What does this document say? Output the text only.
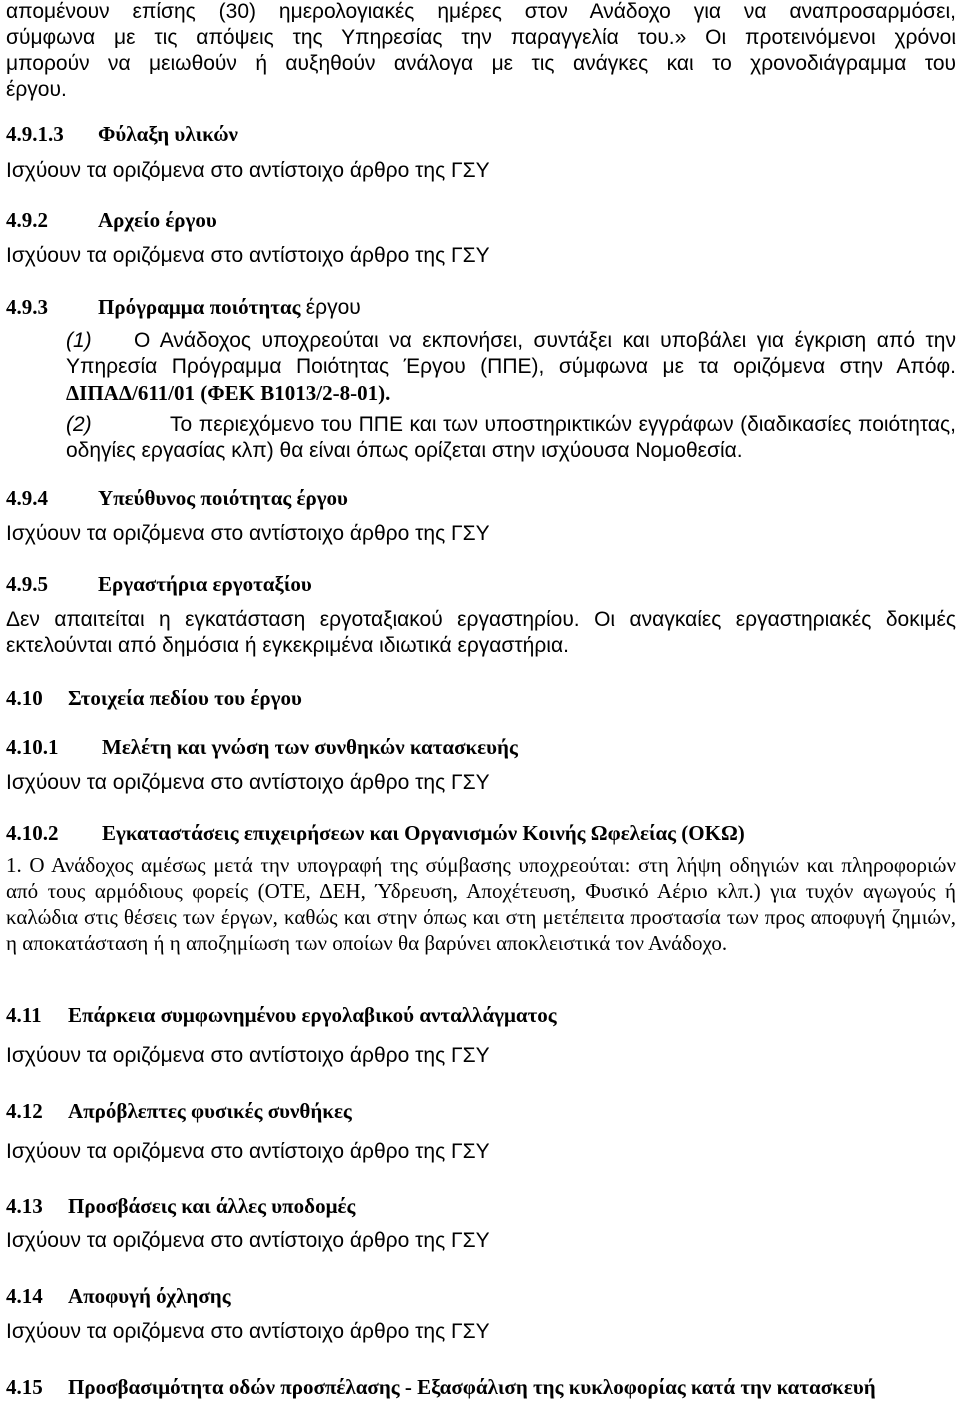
απομένουν επίσης (30) ημερολογιακές ημέρες στον Ανάδοχο για να αναπροσαρμόσει,
σύμφωνα με τις απόψεις της Υπηρεσίας την παραγγελία του.» Οι προτεινόμενοι χρόνοι
μπορούν να μειωθούν ή αυξηθούν ανάλογα με τις ανάγκες και το χρονοδιάγραμμα του
έργου.
4.9.1.3 Φύλαξη υλικών
Ισχύουν τα οριζόμενα στο αντίστοιχο άρθρο της ΓΣΥ
4.9.2 Αρχείο έργου
Ισχύουν τα οριζόμενα στο αντίστοιχο άρθρο της ΓΣΥ
4.9.3 Πρόγραμμα ποιότητας έργου
(1) Ο Ανάδοχος υποχρεούται να εκπονήσει, συντάξει και υποβάλει για έγκριση από την Υπηρεσία Πρόγραμμα Ποιότητας Έργου (ΠΠΕ), σύμφωνα με τα οριζόμενα στην Απόφ. ΔΙΠΑΔ/611/01 (ΦΕΚ Β1013/2-8-01).
(2)	Το περιεχόμενο του ΠΠΕ και των υποστηρικτικών εγγράφων (διαδικασίες ποιότητας, οδηγίες εργασίας κλπ) θα είναι όπως ορίζεται στην ισχύουσα Νομοθεσία.
4.9.4 Υπεύθυνος ποιότητας έργου
Ισχύουν τα οριζόμενα στο αντίστοιχο άρθρο της ΓΣΥ
4.9.5 Εργαστήρια εργοταξίου
Δεν απαιτείται η εγκατάσταση εργοταξιακού εργαστηρίου. Οι αναγκαίες εργαστηριακές δοκιμές εκτελούνται από δημόσια ή εγκεκριμένα ιδιωτικά εργαστήρια.
4.10 Στοιχεία πεδίου του έργου
4.10.1 Μελέτη και γνώση των συνθηκών κατασκευής
Ισχύουν τα οριζόμενα στο αντίστοιχο άρθρο της ΓΣΥ
4.10.2 Εγκαταστάσεις επιχειρήσεων και Οργανισμών Κοινής Ωφελείας (ΟΚΩ)
1. Ο Ανάδοχος αμέσως μετά την υπογραφή της σύμβασης υποχρεούται: στη λήψη οδηγιών και πληροφοριών από τους αρμόδιους φορείς (ΟΤΕ, ΔΕΗ, Ύδρευση, Αποχέτευση, Φυσικό Αέριο κλπ.) για τυχόν αγωγούς ή καλώδια στις θέσεις των έργων, καθώς και στην όπως και στη μετέπειτα προστασία των προς αποφυγή ζημιών, η αποκατάσταση ή η αποζημίωση των οποίων θα βαρύνει αποκλειστικά τον Ανάδοχο.
4.11 Επάρκεια συμφωνημένου εργολαβικού ανταλλάγματος
Ισχύουν τα οριζόμενα στο αντίστοιχο άρθρο της ΓΣΥ
4.12 Απρόβλεπτες φυσικές συνθήκες
Ισχύουν τα οριζόμενα στο αντίστοιχο άρθρο της ΓΣΥ
4.13 Προσβάσεις και άλλες υποδομές
Ισχύουν τα οριζόμενα στο αντίστοιχο άρθρο της ΓΣΥ
4.14 Αποφυγή όχλησης
Ισχύουν τα οριζόμενα στο αντίστοιχο άρθρο της ΓΣΥ
4.15 Προσβασιμότητα οδών προσπέλασης - Εξασφάλιση της κυκλοφορίας κατά την κατασκευή
